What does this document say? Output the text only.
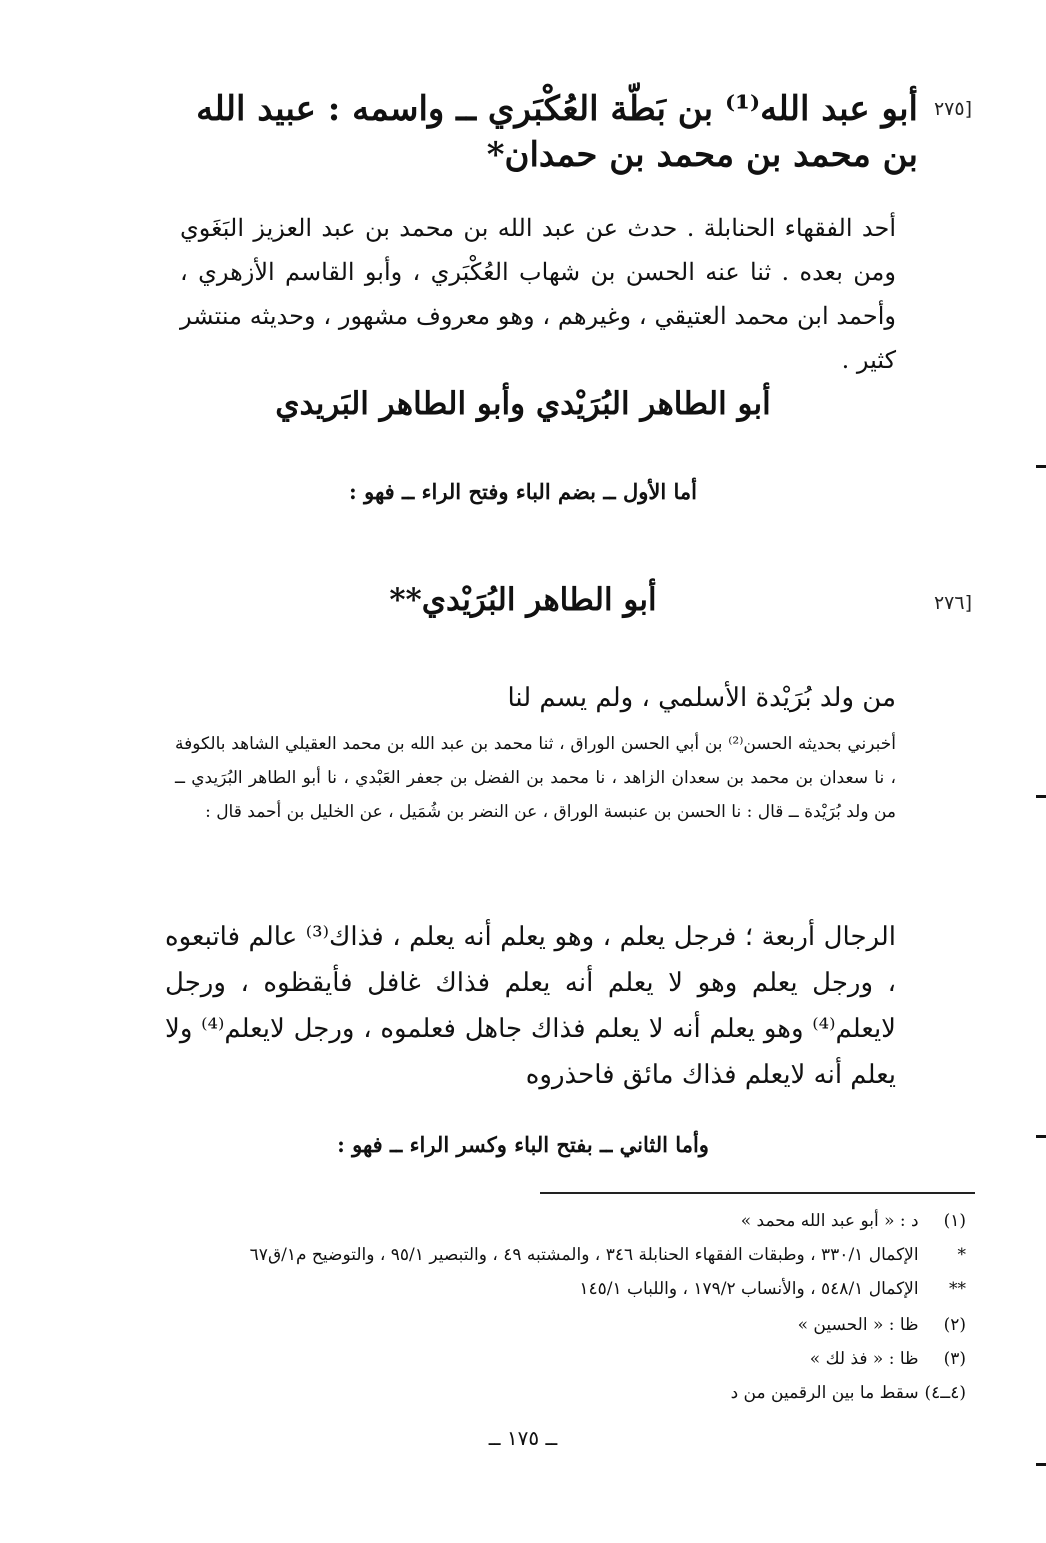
[٢٧٥
أبو عبد الله⁽¹⁾ بن بَطّة العُكْبَري ــ واسمه : عبيد الله بن محمد بن محمد بن حمدان*
أحد الفقهاء الحنابلة . حدث عن عبد الله بن محمد بن عبد العزيز البَغَوي ومن بعده . ثنا عنه الحسن بن شهاب العُكْبَري ، وأبو القاسم الأزهري ، وأحمد ابن محمد العتيقي ، وغيرهم ، وهو معروف مشهور ، وحديثه منتشر كثير .
أبو الطاهر البُرَيْدي وأبو الطاهر البَريدي
أما الأول ــ بضم الباء وفتح الراء ــ فهو :
[٢٧٦
أبو الطاهر البُرَيْدي**
من ولد بُرَيْدة الأسلمي ، ولم يسم لنا
أخبرني بحديثه الحسن⁽²⁾ بن أبي الحسن الوراق ، ثنا محمد بن عبد الله بن محمد العقيلي الشاهد بالكوفة ، نا سعدان بن محمد بن سعدان الزاهد ، نا محمد بن الفضل بن جعفر العَبْدي ، نا أبو الطاهر البُرَيدي ــ من ولد بُرَيْدة ــ قال : نا الحسن بن عنبسة الوراق ، عن النضر بن شُمَيل ، عن الخليل بن أحمد قال :
الرجال أربعة ؛ فرجل يعلم ، وهو يعلم أنه يعلم ، فذاك⁽³⁾ عالم فاتبعوه ، ورجل يعلم وهو لا يعلم أنه يعلم فذاك غافل فأيقظوه ، ورجل لايعلم⁽⁴⁾ وهو يعلم أنه لا يعلم فذاك جاهل فعلموه ، ورجل لايعلم⁽⁴⁾ ولا يعلم أنه لايعلم فذاك مائق فاحذروه
وأما الثاني ــ بفتح الباء وكسر الراء ــ فهو :
(١) د : « أبو عبد الله محمد »
* الإكمال ٣٣٠/١ ، وطبقات الفقهاء الحنابلة ٣٤٦ ، والمشتبه ٤٩ ، والتبصير ٩٥/١ ، والتوضيح م١/ق٦٧
** الإكمال ٥٤٨/١ ، والأنساب ١٧٩/٢ ، واللباب ١٤٥/١
(٢) ظا : « الحسين »
(٣) ظا : « فذ لك »
(٤ــ٤) سقط ما بين الرقمين من د
ــ ١٧٥ ــ
